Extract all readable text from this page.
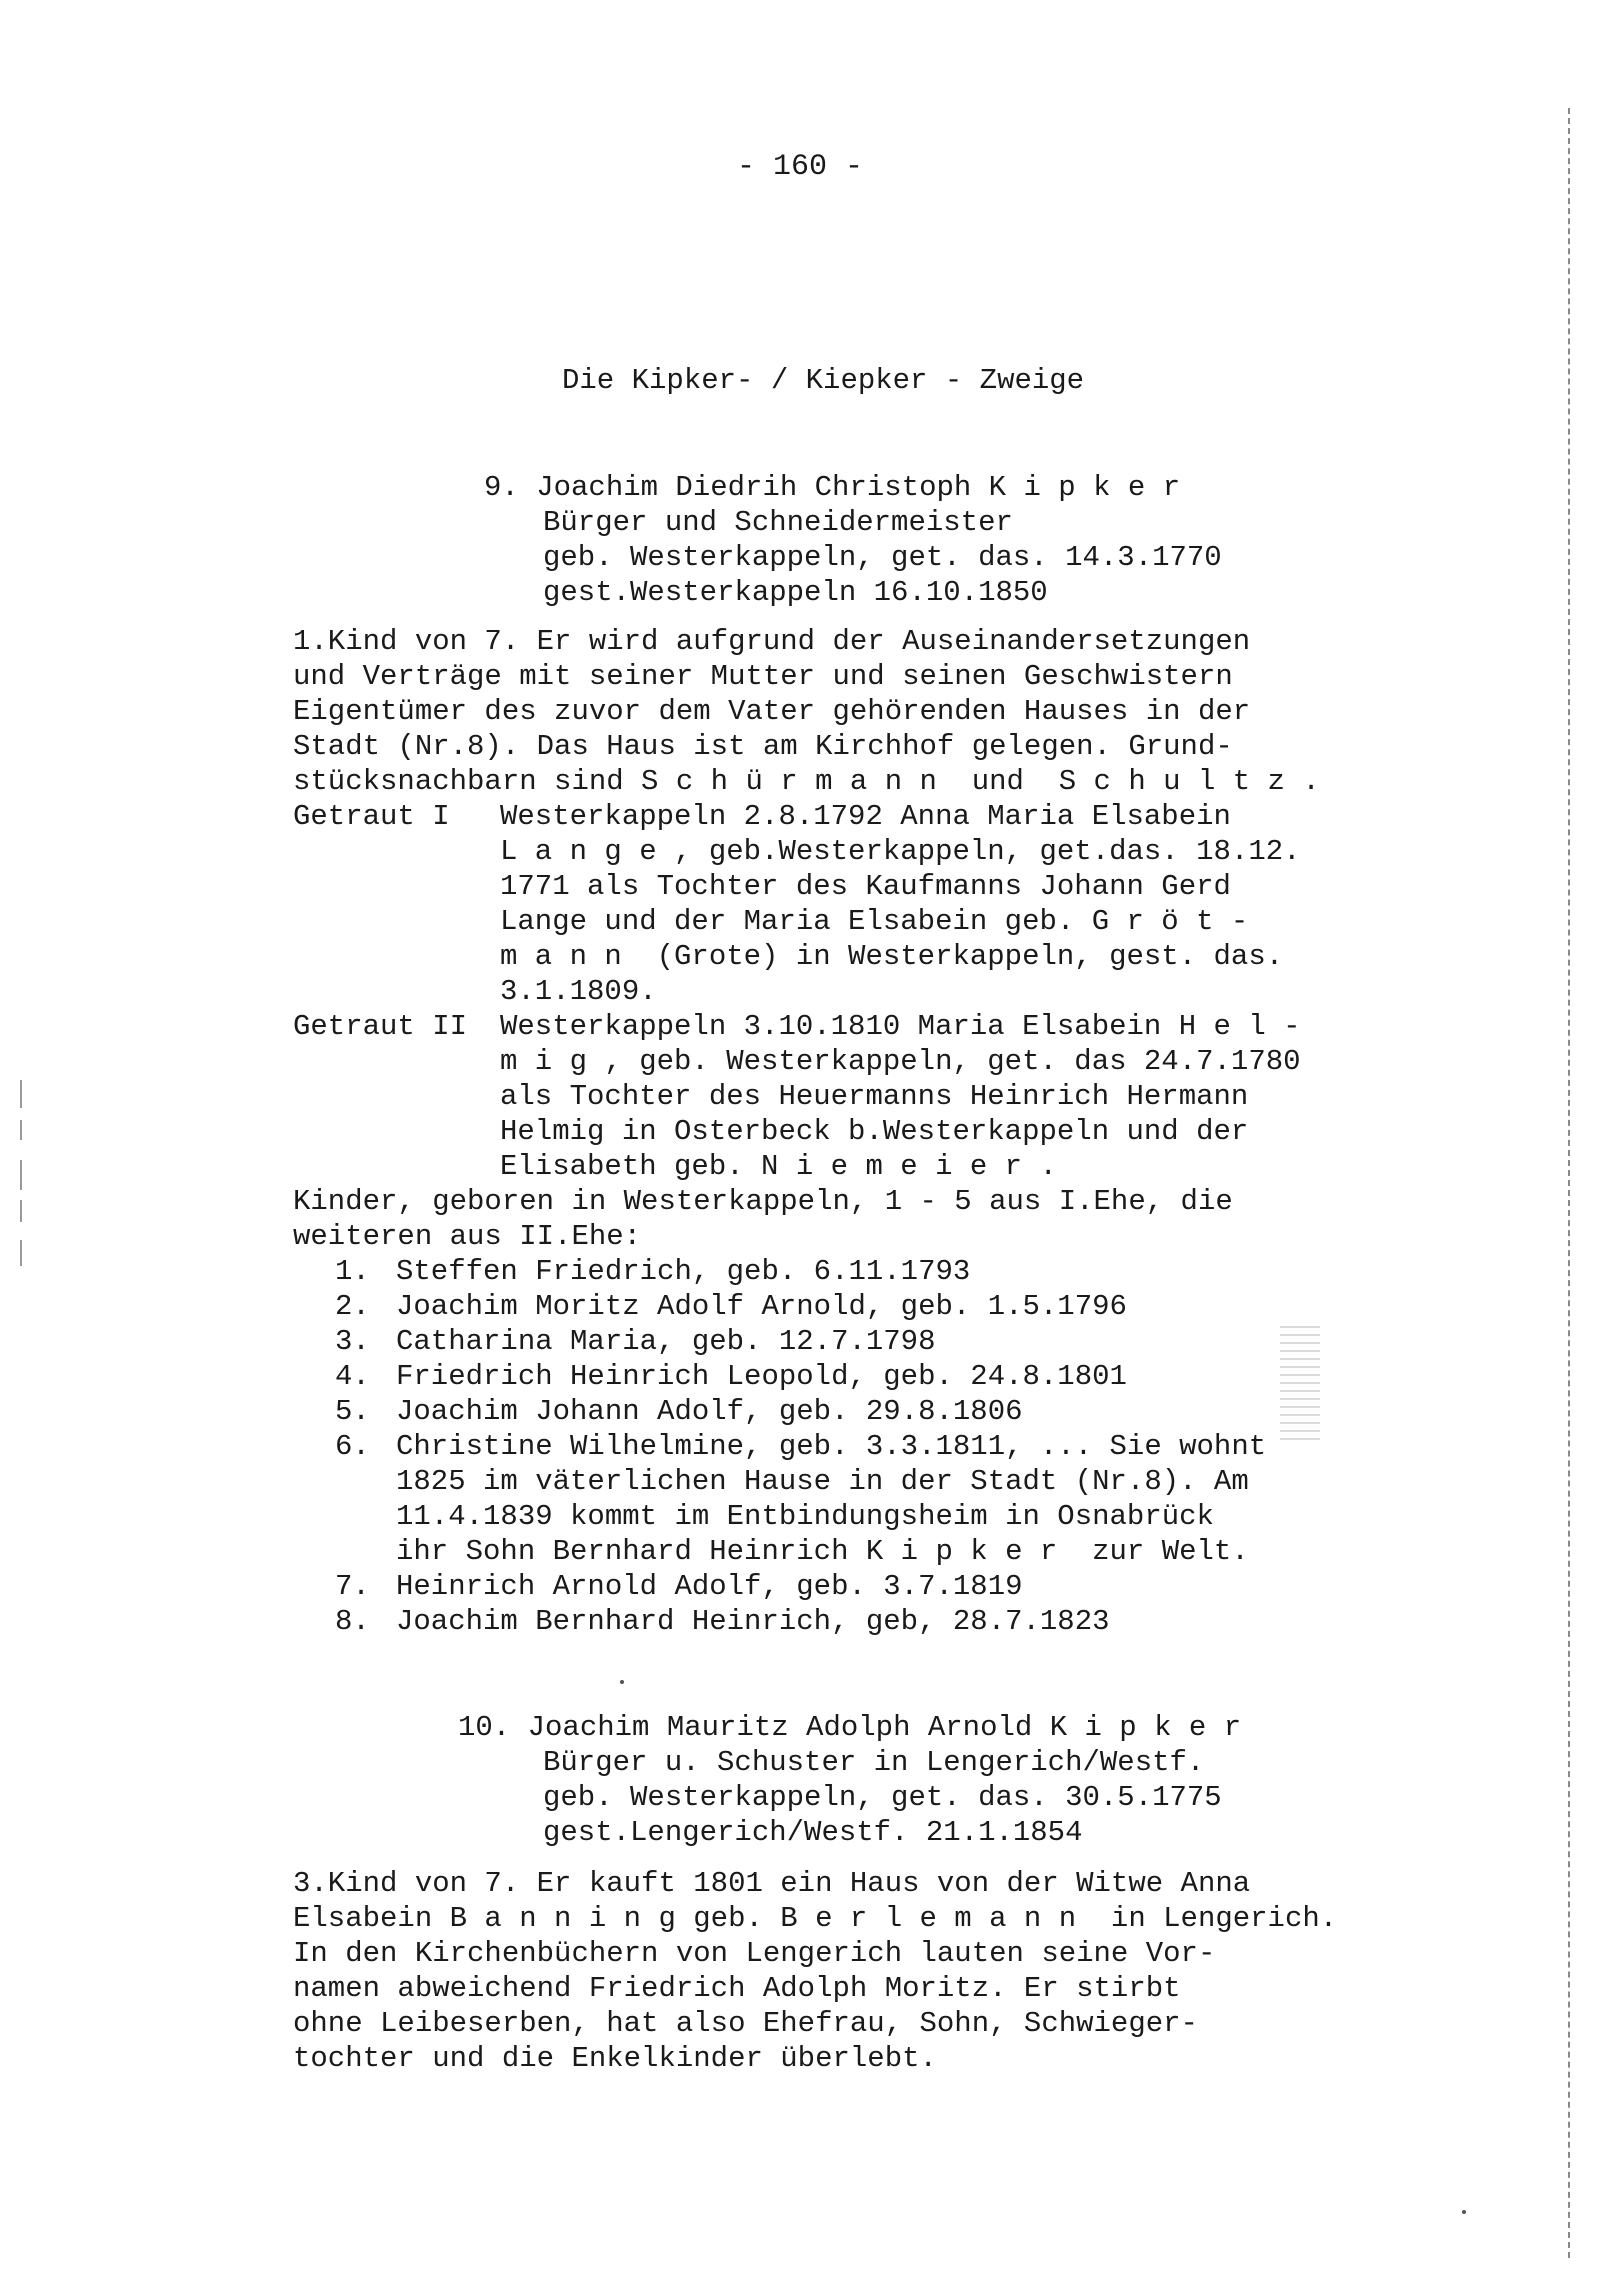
- 160 -
Die Kipker- / Kiepker - Zweige
9. Joachim Diedrih Christoph K i p k e r
Bürger und Schneidermeister
geb. Westerkappeln, get. das. 14.3.1770
gest.Westerkappeln 16.10.1850
1.Kind von 7. Er wird aufgrund der Auseinandersetzungen
und Verträge mit seiner Mutter und seinen Geschwistern
Eigentümer des zuvor dem Vater gehörenden Hauses in der
Stadt (Nr.8). Das Haus ist am Kirchhof gelegen. Grund-
stücksnachbarn sind S c h ü r m a n n  und  S c h u l t z .
Getraut I Westerkappeln 2.8.1792 Anna Maria Elsabein
L a n g e , geb.Westerkappeln, get.das. 18.12.
1771 als Tochter des Kaufmanns Johann Gerd
Lange und der Maria Elsabein geb. G r ö t -
m a n n  (Grote) in Westerkappeln, gest. das.
3.1.1809.
Getraut II Westerkappeln 3.10.1810 Maria Elsabein H e l -
m i g , geb. Westerkappeln, get. das 24.7.1780
als Tochter des Heuermanns Heinrich Hermann
Helmig in Osterbeck b.Westerkappeln und der
Elisabeth geb. N i e m e i e r .
Kinder, geboren in Westerkappeln, 1 - 5 aus I.Ehe, die
weiteren aus II.Ehe:
1. Steffen Friedrich, geb. 6.11.1793
2. Joachim Moritz Adolf Arnold, geb. 1.5.1796
3. Catharina Maria, geb. 12.7.1798
4. Friedrich Heinrich Leopold, geb. 24.8.1801
5. Joachim Johann Adolf, geb. 29.8.1806
6. Christine Wilhelmine, geb. 3.3.1811, ... Sie wohnt
1825 im väterlichen Hause in der Stadt (Nr.8). Am
11.4.1839 kommt im Entbindungsheim in Osnabrück
ihr Sohn Bernhard Heinrich K i p k e r  zur Welt.
7. Heinrich Arnold Adolf, geb. 3.7.1819
8. Joachim Bernhard Heinrich, geb, 28.7.1823
10. Joachim Mauritz Adolph Arnold K i p k e r
Bürger u. Schuster in Lengerich/Westf.
geb. Westerkappeln, get. das. 30.5.1775
gest.Lengerich/Westf. 21.1.1854
3.Kind von 7. Er kauft 1801 ein Haus von der Witwe Anna
Elsabein B a n n i n g geb. B e r l e m a n n  in Lengerich.
In den Kirchenbüchern von Lengerich lauten seine Vor-
namen abweichend Friedrich Adolph Moritz. Er stirbt
ohne Leibeserben, hat also Ehefrau, Sohn, Schwieger-
tochter und die Enkelkinder überlebt.
